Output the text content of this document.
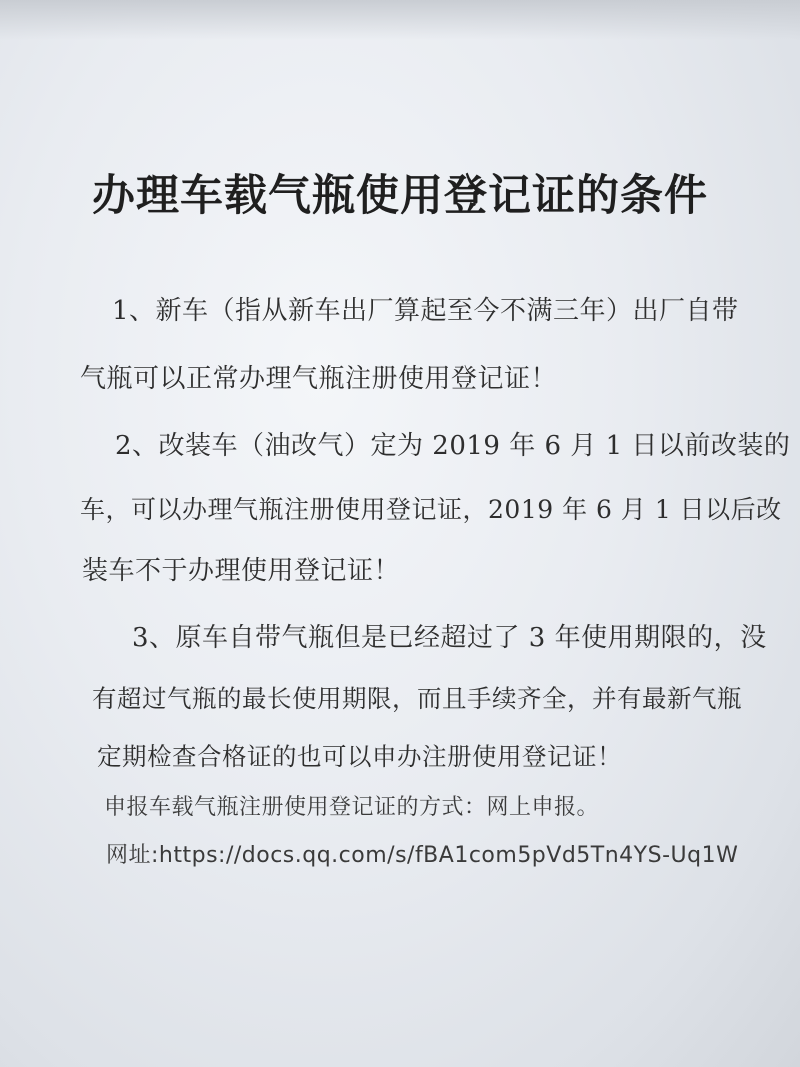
办理车载气瓶使用登记证的条件
1、新车（指从新车出厂算起至今不满三年）出厂自带
气瓶可以正常办理气瓶注册使用登记证！
2、改装车（油改气）定为 2019 年 6 月 1 日以前改装的
车，可以办理气瓶注册使用登记证，2019 年 6 月 1 日以后改
装车不于办理使用登记证！
3、原车自带气瓶但是已经超过了 3 年使用期限的，没
有超过气瓶的最长使用期限，而且手续齐全，并有最新气瓶
定期检查合格证的也可以申办注册使用登记证！
申报车载气瓶注册使用登记证的方式：网上申报。
网址:https://docs.qq.com/s/fBA1com5pVd5Tn4YS-Uq1W
